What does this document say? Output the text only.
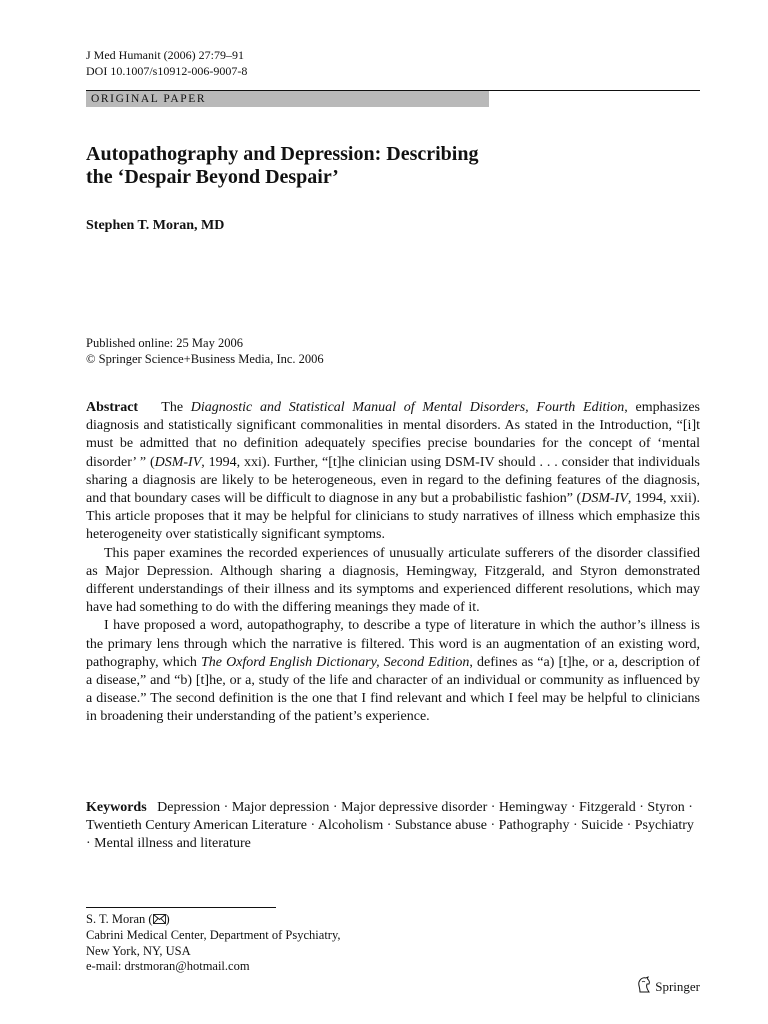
J Med Humanit (2006) 27:79–91
DOI 10.1007/s10912-006-9007-8
ORIGINAL PAPER
Autopathography and Depression: Describing
the ‘Despair Beyond Despair’
Stephen T. Moran, MD
Published online: 25 May 2006
© Springer Science+Business Media, Inc. 2006

Abstract The Diagnostic and Statistical Manual of Mental Disorders, Fourth Edition, emphasizes diagnosis and statistically significant commonalities in mental disorders. As stated in the Introduction, “[i]t must be admitted that no definition adequately specifies precise boundaries for the concept of ‘mental disorder’ ” (DSM-IV, 1994, xxi). Further, “[t]he clinician using DSM-IV should . . . consider that individuals sharing a diagnosis are likely to be heterogeneous, even in regard to the defining features of the diagnosis, and that boundary cases will be difficult to diagnose in any but a probabilistic fashion” (DSM-IV, 1994, xxii). This article proposes that it may be helpful for clinicians to study narratives of illness which emphasize this heterogeneity over statistically significant symptoms.

This paper examines the recorded experiences of unusually articulate sufferers of the disorder classified as Major Depression. Although sharing a diagnosis, Hemingway, Fitzgerald, and Styron demonstrated different understandings of their illness and its symptoms and experienced different resolutions, which may have had something to do with the differing meanings they made of it.

I have proposed a word, autopathography, to describe a type of literature in which the author’s illness is the primary lens through which the narrative is filtered. This word is an augmentation of an existing word, pathography, which The Oxford English Dictionary, Second Edition, defines as “a) [t]he, or a, description of a disease,” and “b) [t]he, or a, study of the life and character of an individual or community as influenced by a disease.” The second definition is the one that I find relevant and which I feel may be helpful to clinicians in broadening their understanding of the patient’s experience.

Keywords Depression · Major depression · Major depressive disorder · Hemingway · Fitzgerald · Styron · Twentieth Century American Literature · Alcoholism · Substance abuse · Pathography · Suicide · Psychiatry · Mental illness and literature

S. T. Moran ( )
Cabrini Medical Center, Department of Psychiatry,
New York, NY, USA
e-mail: drstmoran@hotmail.com
Springer
